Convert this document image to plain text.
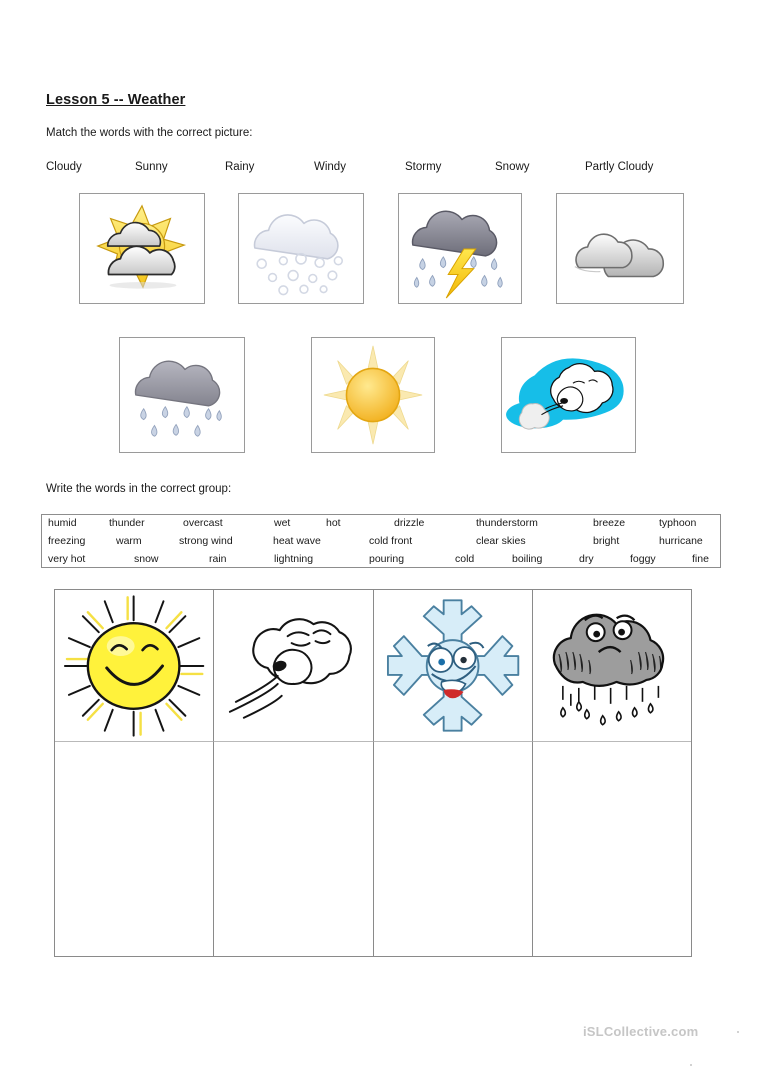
Lesson 5 -- Weather
Match the words with the correct picture:
Cloudy	Sunny	Rainy	Windy	Stormy	Snowy	Partly Cloudy
Write the words in the correct group:
humid	thunder	overcast	wet	hot	drizzle	thunderstorm	breeze	typhoon
freezing	warm	strong wind	heat wave	cold front	clear skies	bright	hurricane
very hot	snow	rain	lightning	pouring	cold	boiling	dry	foggy	fine
iSLCollective.com
